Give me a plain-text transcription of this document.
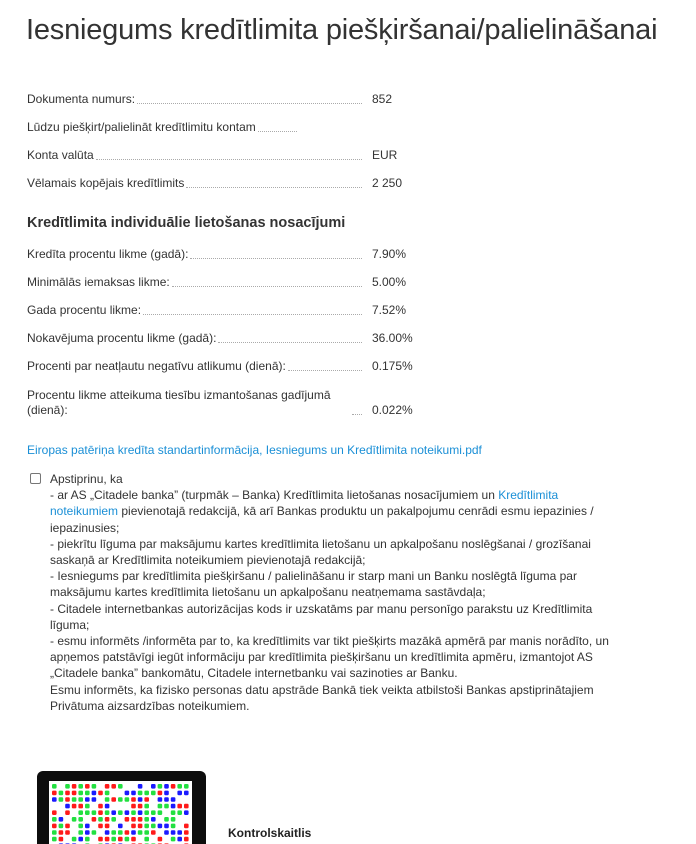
Iesniegums kredītlimita piešķiršanai/palielināšanai
Dokumenta numurs:	852
Lūdzu piešķirt/palielināt kredītlimitu kontam
Konta valūta	EUR
Vēlamais kopējais kredītlimits	2 250
Kredītlimita individuālie lietošanas nosacījumi
Kredīta procentu likme (gadā):	7.90%
Minimālās iemaksas likme:	5.00%
Gada procentu likme:	7.52%
Nokavējuma procentu likme (gadā):	36.00%
Procenti par neatļautu negatīvu atlikumu (dienā):	0.175%
Procentu likme atteikuma tiesību izmantošanas gadījumā (dienā):	0.022%
Eiropas patēriņa kredīta standartinformācija, Iesniegums un Kredītlimita noteikumi.pdf

Apstiprinu, ka

- ar AS „Citadele banka” (turpmāk – Banka) Kredītlimita lietošanas nosacījumiem un Kredītlimita noteikumiem pievienotajā redakcijā, kā arī Bankas produktu un pakalpojumu cenrādi esmu iepazinies / iepazinusies;

- piekrītu līguma par maksājumu kartes kredītlimita lietošanu un apkalpošanu noslēgšanai / grozīšanai saskaņā ar Kredītlimita noteikumiem pievienotajā redakcijā;

- Iesniegums par kredītlimita piešķiršanu / palielināšanu ir starp mani un Banku noslēgtā līguma par maksājumu kartes kredītlimita lietošanu un apkalpošanu neatņemama sastāvdaļa;

- Citadele internetbankas autorizācijas kods ir uzskatāms par manu personīgo parakstu uz Kredītlimita līguma;

- esmu informēts /informēta par to, ka kredītlimits var tikt piešķirts mazākā apmērā par manis norādīto, un apņemos patstāvīgi iegūt informāciju par kredītlimita piešķiršanu un kredītlimita apmēru, izmantojot AS „Citadele banka” bankomātu, Citadele internetbanku vai sazinoties ar Banku.

Esmu informēts, ka fizisko personas datu apstrāde Bankā tiek veikta atbilstoši Bankas apstiprinātajiem Privātuma aizsardzības noteikumiem.

Kontrolskaitlis
